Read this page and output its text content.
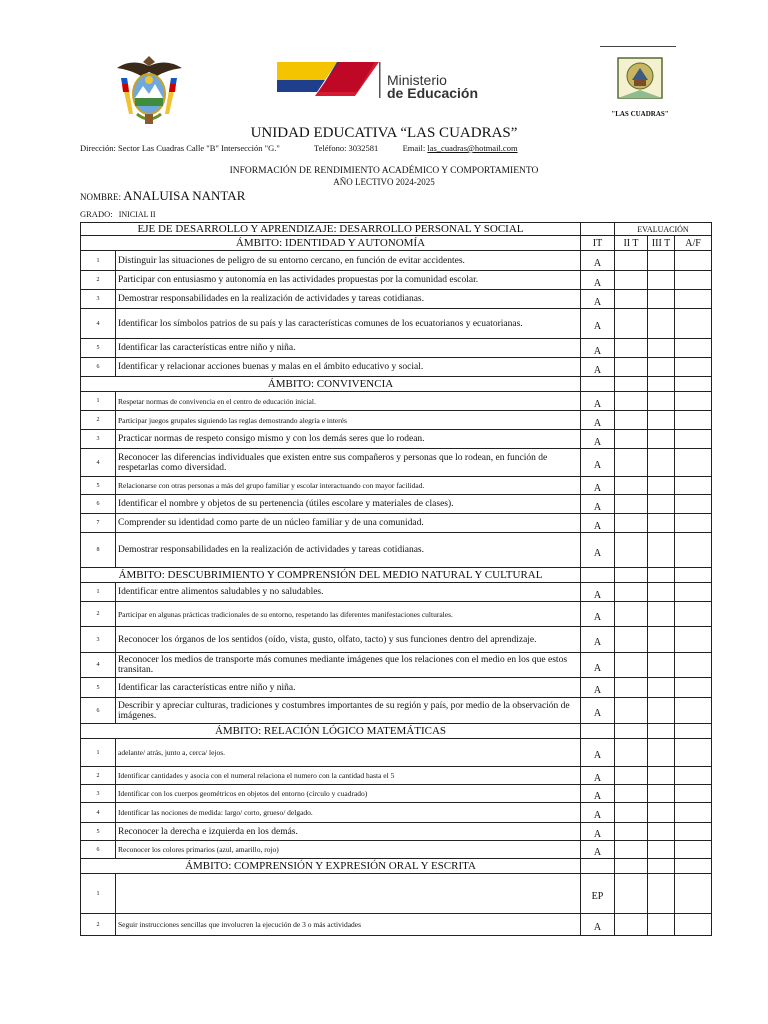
Ministerio
de Educación
"LAS CUADRAS"
UNIDAD EDUCATIVA “LAS CUADRAS”
Dirección: Sector Las Cuadras Calle "B" Intersección "G."	Teléfono: 3032581	Email: las_cuadras@hotmail.com
INFORMACIÓN DE RENDIMIENTO ACADÉMICO Y COMPORTAMIENTO
AÑO LECTIVO 2024-2025
NOMBRE: ANALUISA NANTAR
GRADO: INICIAL II
EJE DE DESARROLLO Y APRENDIZAJE: DESARROLLO PERSONAL Y SOCIAL			EVALUACIÓN		
ÁMBITO: IDENTIDAD Y AUTONOMÍA		IT	II T	III T	A/F
1	Distinguir las situaciones de peligro de su entorno cercano, en función de evitar accidentes.	A			
2	Participar con entusiasmo y autonomía en las actividades propuestas por la comunidad escolar.	A			
3	Demostrar responsabilidades en la realización de actividades y tareas cotidianas.	A			
4	Identificar los símbolos patrios de su país y las características comunes de los ecuatorianos y ecuatorianas.	A			
5	Identificar las características entre niño y niña.	A			
6	Identificar y relacionar acciones buenas y malas en el ámbito educativo y social.	A			
ÁMBITO: CONVIVENCIA					
1	Respetar normas de convivencia en el centro de educación inicial.	A			
2	Participar juegos grupales siguiendo las reglas demostrando alegría e interés	A			
3	Practicar normas de respeto consigo mismo y con los demás seres que lo rodean.	A			
4	Reconocer las diferencias individuales que existen entre sus compañeros y personas que lo rodean, en función de respetarlas como diversidad.	A			
5	Relacionarse con otras personas a más del grupo familiar y escolar interactuando con mayor facilidad.	A			
6	Identificar el nombre y objetos de su pertenencia (útiles escolare y materiales de clases).	A			
7	Comprender su identidad como parte de un núcleo familiar y de una comunidad.	A			
8	Demostrar responsabilidades en la realización de actividades y tareas cotidianas.	A			
ÁMBITO: DESCUBRIMIENTO Y COMPRENSIÓN DEL MEDIO NATURAL Y CULTURAL					
1	Identificar entre alimentos saludables y no saludables.	A			
2	Participar en algunas prácticas tradicionales de su entorno, respetando las diferentes manifestaciones culturales.	A			
3	Reconocer los órganos de los sentidos (oído, vista, gusto, olfato, tacto) y sus funciones dentro del aprendizaje.	A			
4	Reconocer los medios de transporte más comunes mediante imágenes que los relaciones con el medio en los que estos transitan.	A			
5	Identificar las características entre niño y niña.	A			
6	Describir y apreciar culturas, tradiciones y costumbres importantes de su región y país, por medio de la observación de imágenes.	A			
ÁMBITO: RELACIÓN LÓGICO MATEMÁTICAS					
1	adelante/ atrás, junto a, cerca/ lejos.	A			
2	Identificar cantidades y asocia con el numeral relaciona el numero con la cantidad hasta el 5	A			
3	Identificar con los cuerpos geométricos en objetos del entorno (círculo y cuadrado)	A			
4	Identificar las nociones de medida: largo/ corto, grueso/ delgado.	A			
5	Reconocer la derecha e izquierda en los demás.	A			
6	Reconocer los colores primarios (azul, amarillo, rojo)	A			
ÁMBITO: COMPRENSIÓN Y EXPRESIÓN ORAL Y ESCRITA					
1		EP			
2	Seguir instrucciones sencillas que involucren la ejecución de 3 o más actividades	A			
